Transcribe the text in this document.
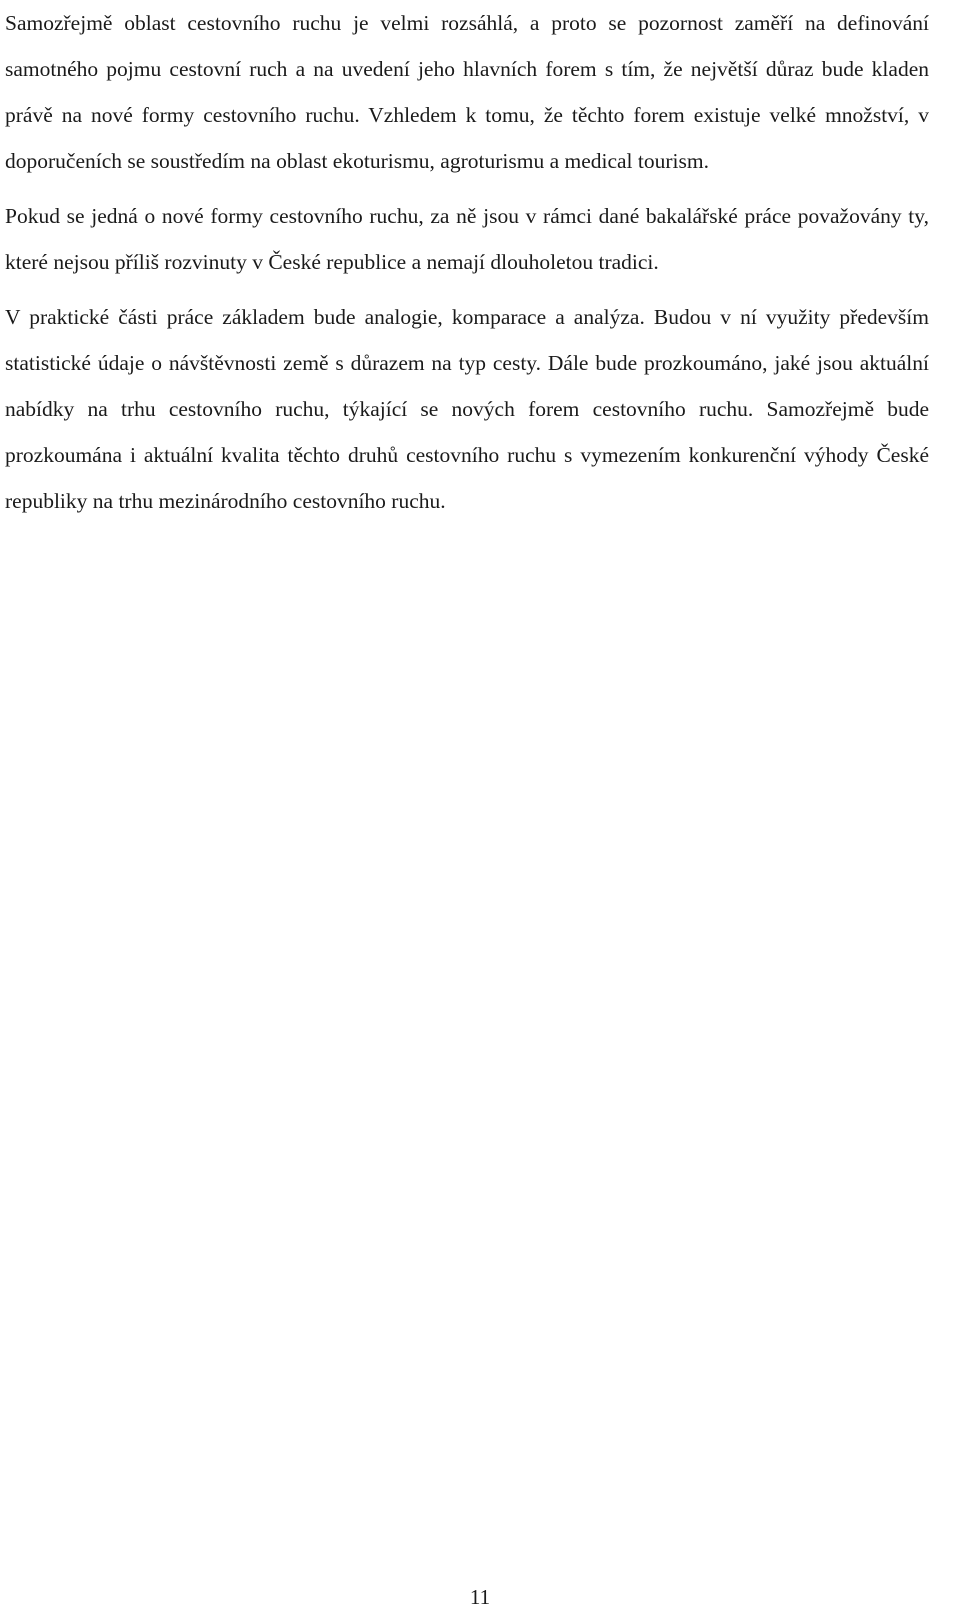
Samozřejmě oblast cestovního ruchu je velmi rozsáhlá, a proto se pozornost zaměří na definování samotného pojmu cestovní ruch a na uvedení jeho hlavních forem s tím, že největší důraz bude kladen právě na nové formy cestovního ruchu. Vzhledem k tomu, že těchto forem existuje velké množství, v doporučeních se soustředím na oblast ekoturismu, agroturismu a medical tourism.

Pokud se jedná o nové formy cestovního ruchu, za ně jsou v rámci dané bakalářské práce považovány ty, které nejsou příliš rozvinuty v České republice a nemají dlouholetou tradici.

V praktické části práce základem bude analogie, komparace a analýza. Budou v ní využity především statistické údaje o návštěvnosti země s důrazem na typ cesty. Dále bude prozkoumáno, jaké jsou aktuální nabídky na trhu cestovního ruchu, týkající se nových forem cestovního ruchu. Samozřejmě bude prozkoumána i aktuální kvalita těchto druhů cestovního ruchu s vymezením konkurenční výhody České republiky na trhu mezinárodního cestovního ruchu.

11
